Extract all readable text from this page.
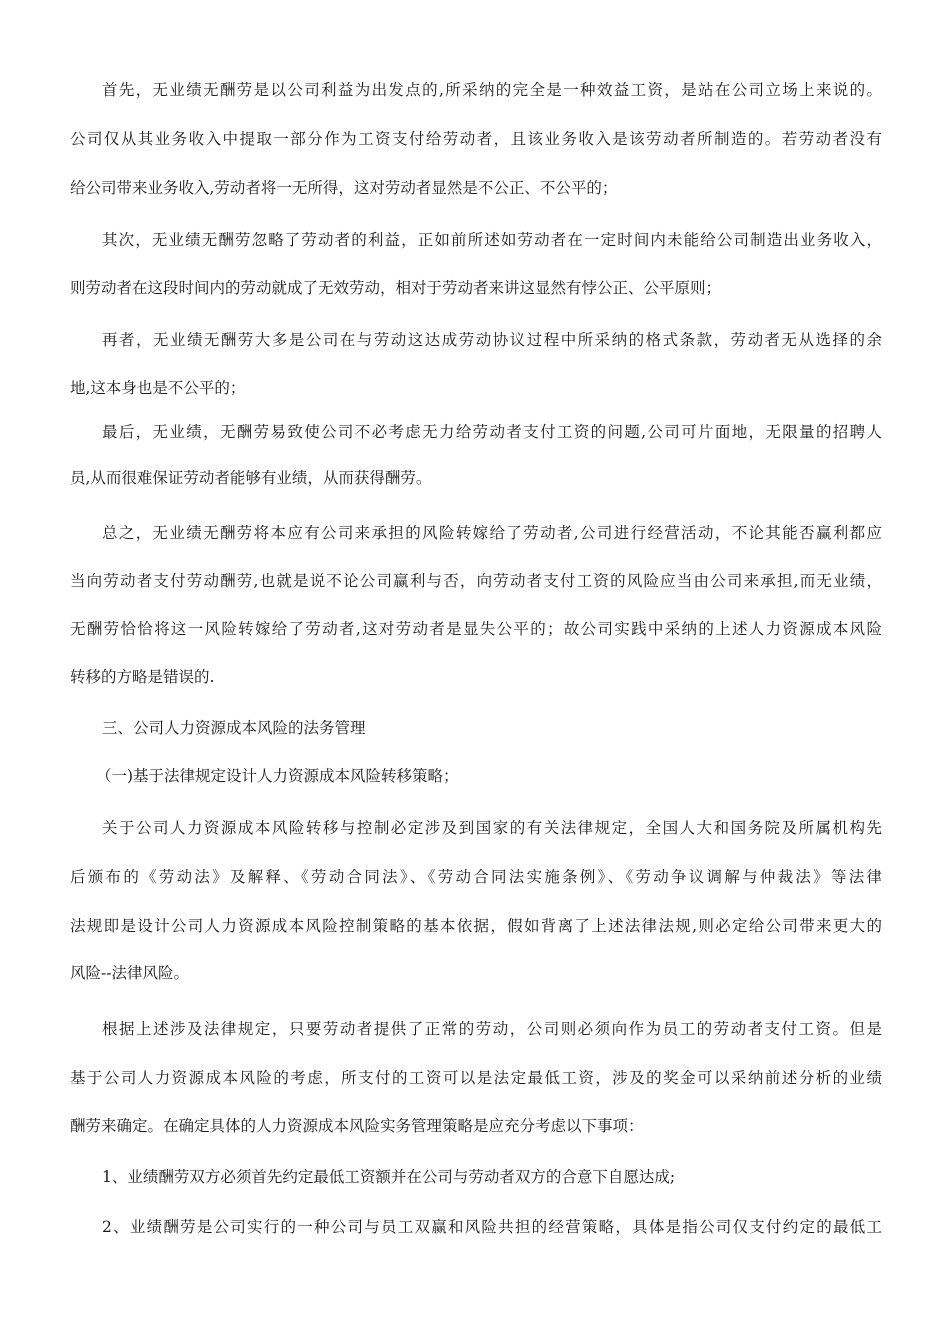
首先，无业绩无酬劳是以公司利益为出发点的,所采纳的完全是一种效益工资，是站在公司立场上来说的。
公司仅从其业务收入中提取一部分作为工资支付给劳动者，且该业务收入是该劳动者所制造的。若劳动者没有
给公司带来业务收入,劳动者将一无所得，这对劳动者显然是不公正、不公平的；
其次，无业绩无酬劳忽略了劳动者的利益，正如前所述如劳动者在一定时间内未能给公司制造出业务收入，
则劳动者在这段时间内的劳动就成了无效劳动，相对于劳动者来讲这显然有悖公正、公平原则；
再者，无业绩无酬劳大多是公司在与劳动这达成劳动协议过程中所采纳的格式条款，劳动者无从选择的余
地,这本身也是不公平的；
最后，无业绩，无酬劳易致使公司不必考虑无力给劳动者支付工资的问题,公司可片面地，无限量的招聘人
员,从而很难保证劳动者能够有业绩，从而获得酬劳。
总之，无业绩无酬劳将本应有公司来承担的风险转嫁给了劳动者,公司进行经营活动，不论其能否赢利都应
当向劳动者支付劳动酬劳,也就是说不论公司赢利与否，向劳动者支付工资的风险应当由公司来承担,而无业绩，
无酬劳恰恰将这一风险转嫁给了劳动者,这对劳动者是显失公平的；故公司实践中采纳的上述人力资源成本风险
转移的方略是错误的.
三、公司人力资源成本风险的法务管理
（一)基于法律规定设计人力资源成本风险转移策略；
关于公司人力资源成本风险转移与控制必定涉及到国家的有关法律规定，全国人大和国务院及所属机构先
后颁布的《劳动法》及解释、《劳动合同法》、《劳动合同法实施条例》、《劳动争议调解与仲裁法》等法律
法规即是设计公司人力资源成本风险控制策略的基本依据，假如背离了上述法律法规,则必定给公司带来更大的
风险--法律风险。
根据上述涉及法律规定，只要劳动者提供了正常的劳动，公司则必须向作为员工的劳动者支付工资。但是
基于公司人力资源成本风险的考虑，所支付的工资可以是法定最低工资，涉及的奖金可以采纳前述分析的业绩
酬劳来确定。在确定具体的人力资源成本风险实务管理策略是应充分考虑以下事项：
1、业绩酬劳双方必须首先约定最低工资额并在公司与劳动者双方的合意下自愿达成;
2、业绩酬劳是公司实行的一种公司与员工双赢和风险共担的经营策略，具体是指公司仅支付约定的最低工
